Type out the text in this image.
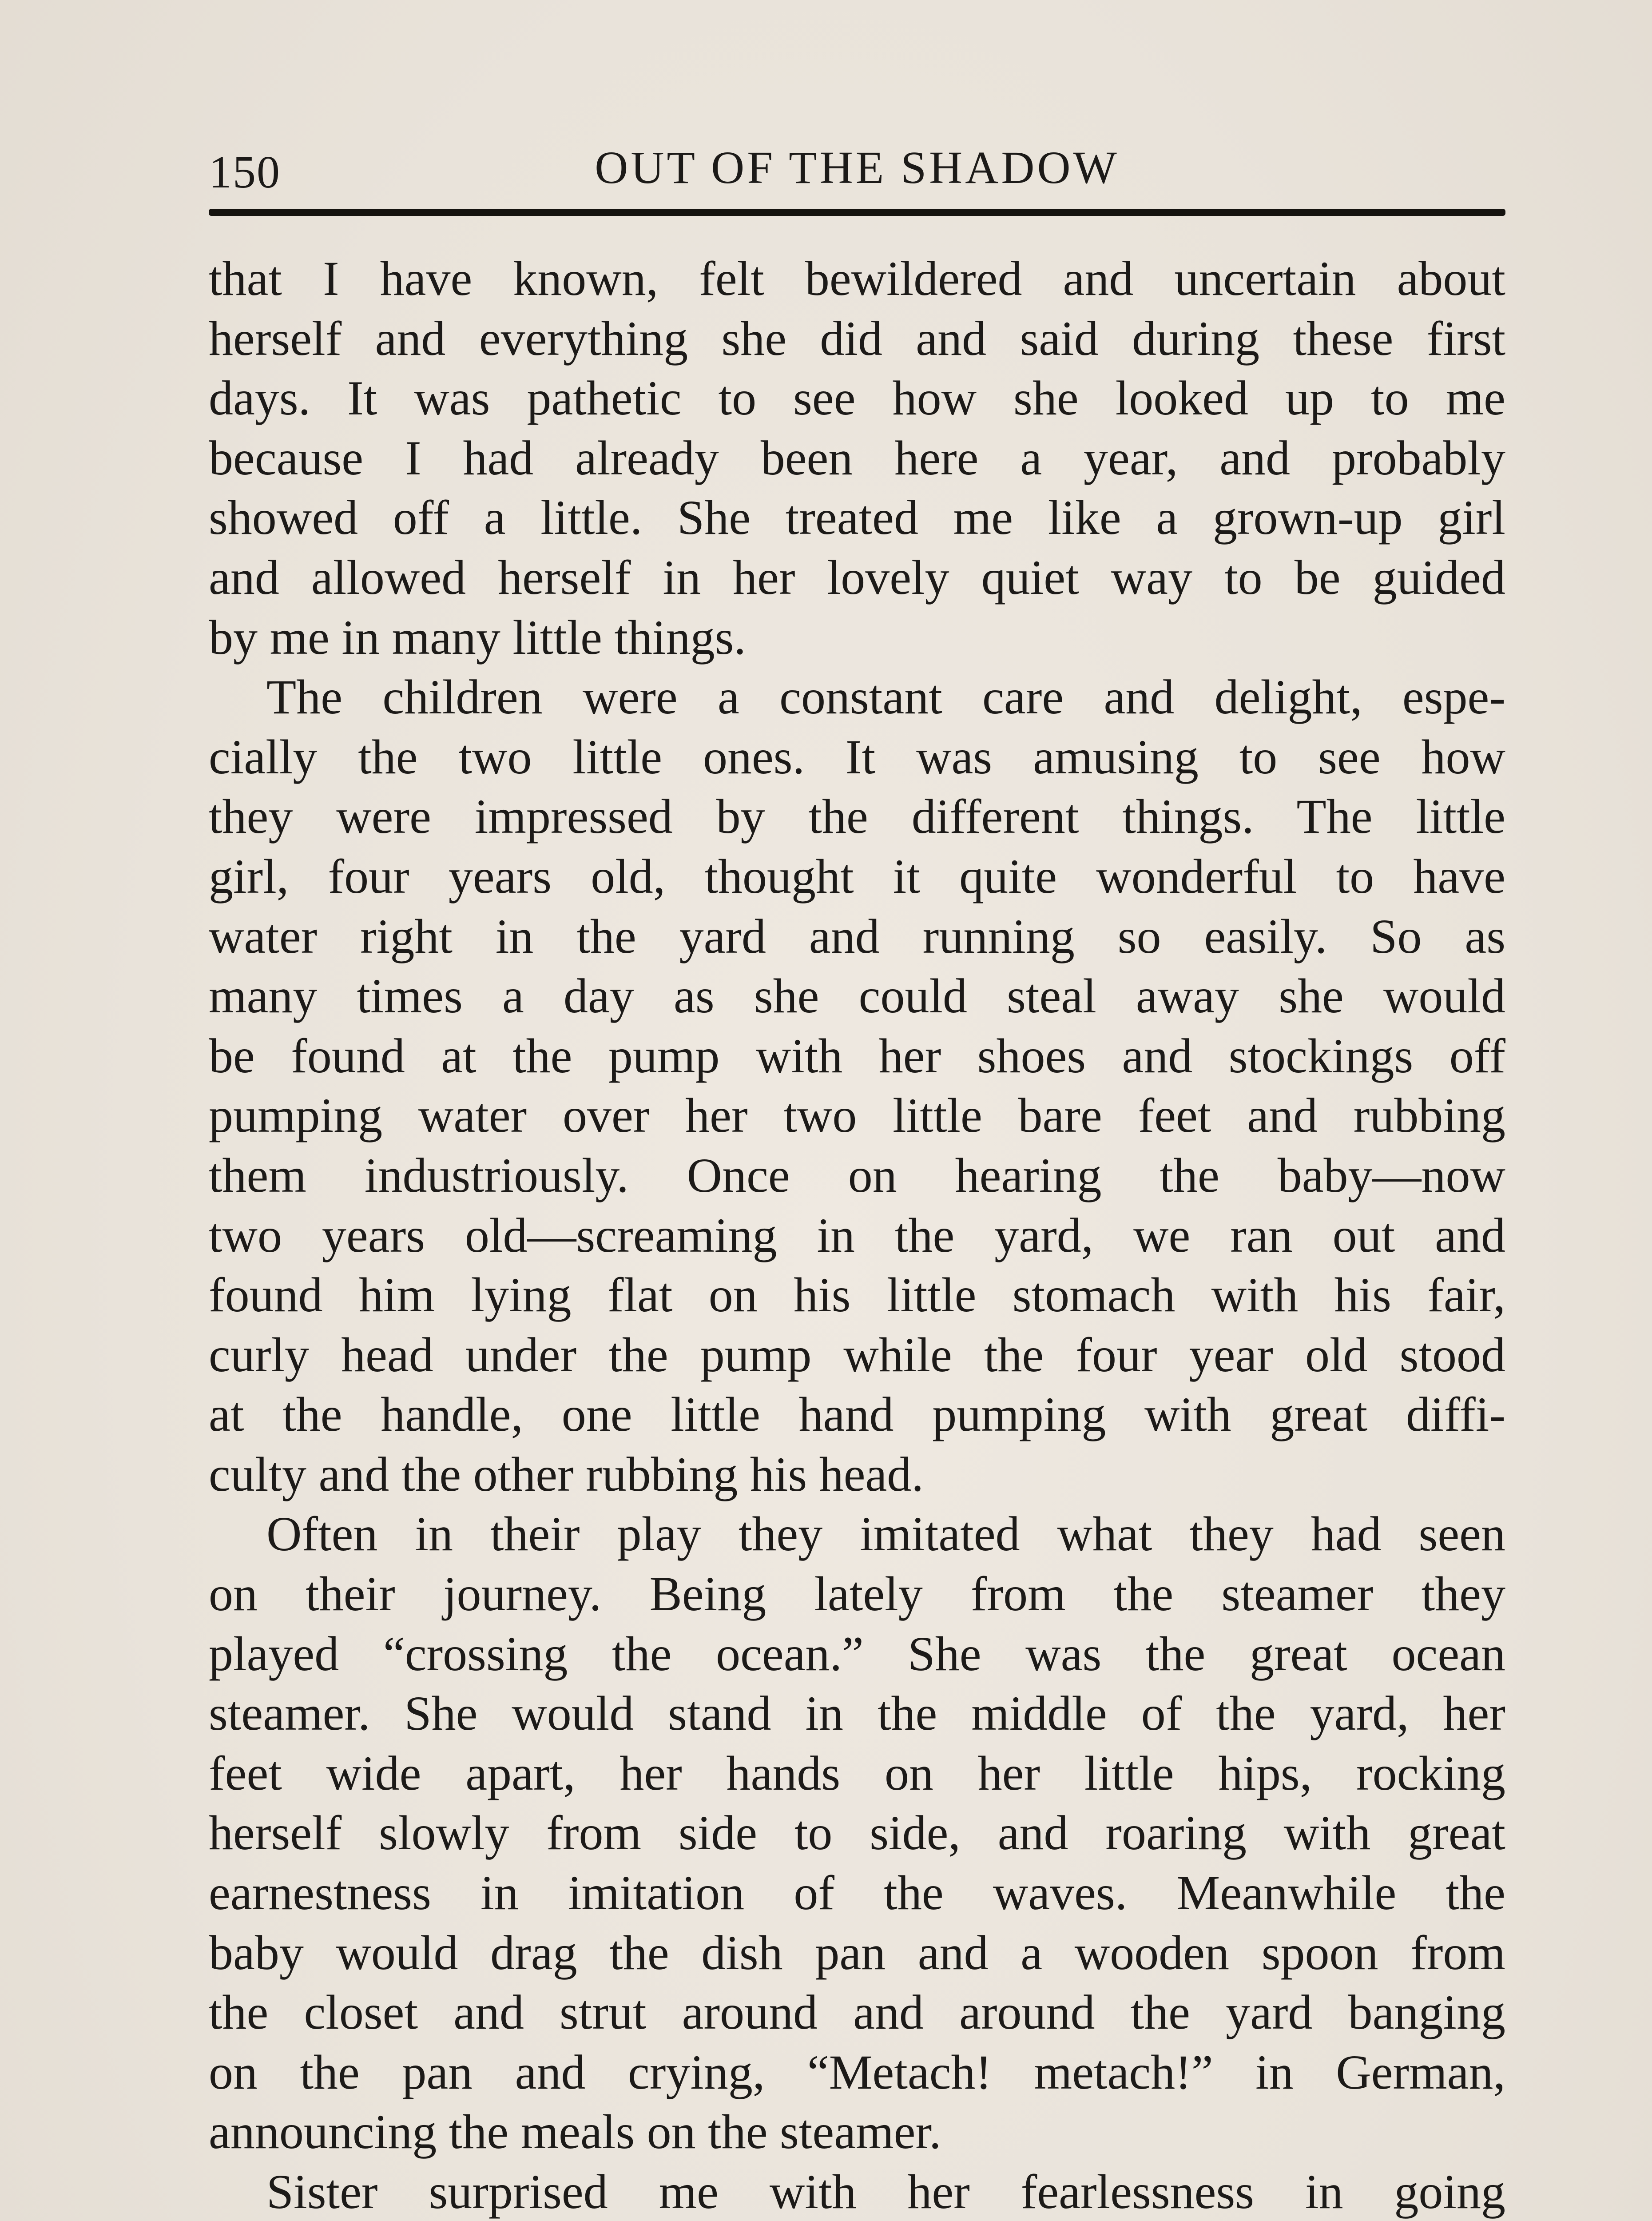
150	OUT OF THE SHADOW
that I have known, felt bewildered and uncertain about
herself and everything she did and said during these first
days. It was pathetic to see how she looked up to me
because I had already been here a year, and probably
showed off a little. She treated me like a grown-up girl
and allowed herself in her lovely quiet way to be guided
by me in many little things.
The children were a constant care and delight, espe-
cially the two little ones. It was amusing to see how
they were impressed by the different things. The little
girl, four years old, thought it quite wonderful to have
water right in the yard and running so easily. So as
many times a day as she could steal away she would
be found at the pump with her shoes and stockings off
pumping water over her two little bare feet and rubbing
them industriously. Once on hearing the baby—now
two years old—screaming in the yard, we ran out and
found him lying flat on his little stomach with his fair,
curly head under the pump while the four year old stood
at the handle, one little hand pumping with great diffi-
culty and the other rubbing his head.
Often in their play they imitated what they had seen
on their journey. Being lately from the steamer they
played “crossing the ocean.” She was the great ocean
steamer. She would stand in the middle of the yard, her
feet wide apart, her hands on her little hips, rocking
herself slowly from side to side, and roaring with great
earnestness in imitation of the waves. Meanwhile the
baby would drag the dish pan and a wooden spoon from
the closet and strut around and around the yard banging
on the pan and crying, “Metach! metach!” in German,
announcing the meals on the steamer.
Sister surprised me with her fearlessness in going
